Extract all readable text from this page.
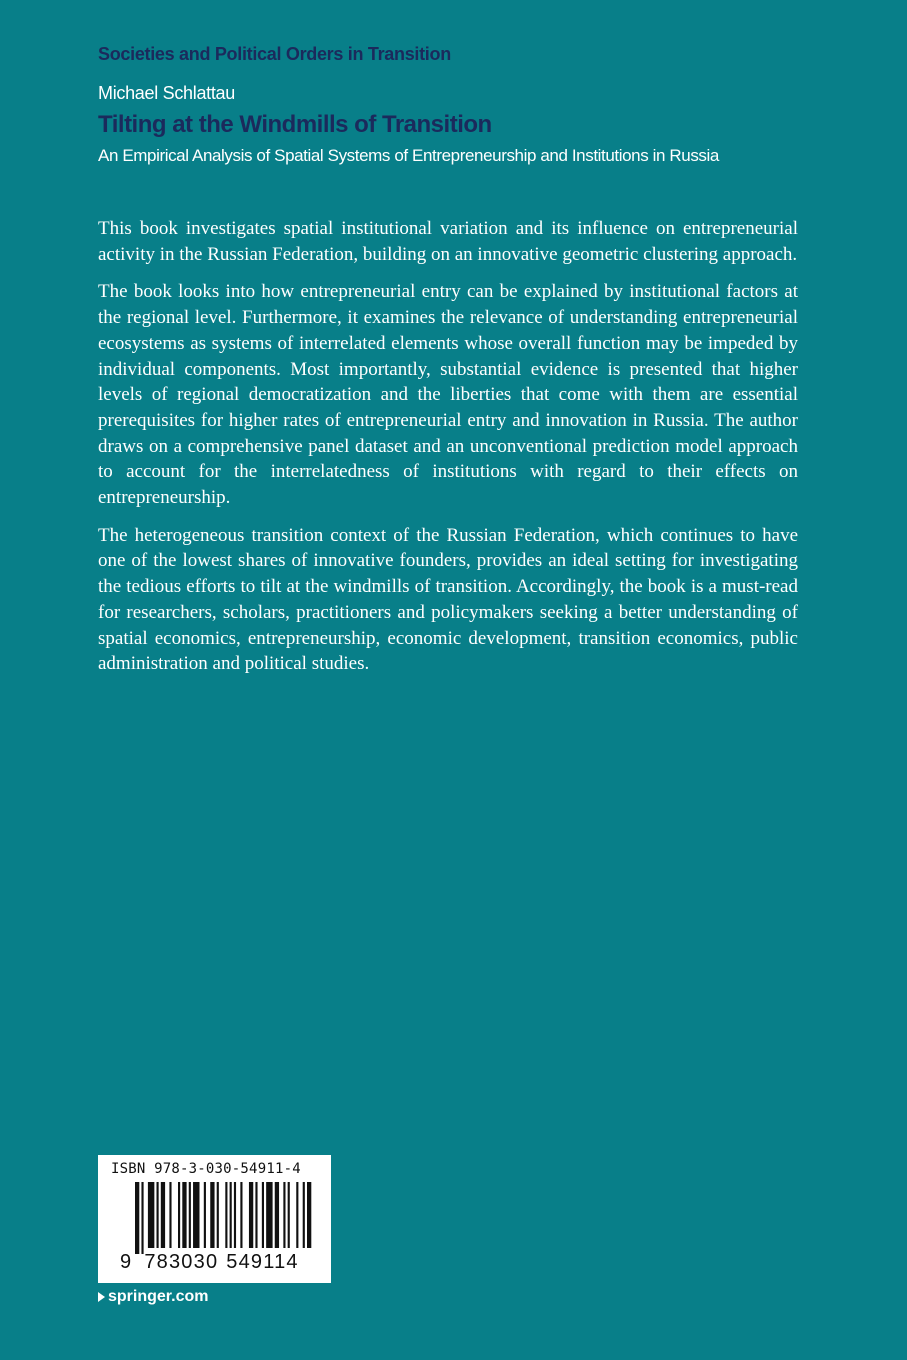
Societies and Political Orders in Transition
Michael Schlattau
Tilting at the Windmills of Transition
An Empirical Analysis of Spatial Systems of Entrepreneurship and Institutions in Russia

This book investigates spatial institutional variation and its influence on entrepreneurial activity in the Russian Federation, building on an innovative geometric clustering approach.

The book looks into how entrepreneurial entry can be explained by institutional factors at the regional level. Furthermore, it examines the relevance of understanding entrepreneurial ecosystems as systems of interrelated elements whose overall function may be impeded by individual components. Most importantly, substantial evidence is presented that higher levels of regional democratization and the liberties that come with them are essential prerequisites for higher rates of entrepreneurial entry and innovation in Russia. The author draws on a comprehensive panel dataset and an unconventional prediction model approach to account for the interrelatedness of institutions with regard to their effects on entrepreneurship.

The heterogeneous transition context of the Russian Federation, which continues to have one of the lowest shares of innovative founders, provides an ideal setting for investigating the tedious efforts to tilt at the windmills of transition. Accordingly, the book is a must-read for researchers, scholars, practitioners and policymakers seeking a better understanding of spatial economics, entrepreneurship, economic development, transition economics, public administration and political studies.

ISBN 978-3-030-54911-4
9 783030 549114
springer.com
